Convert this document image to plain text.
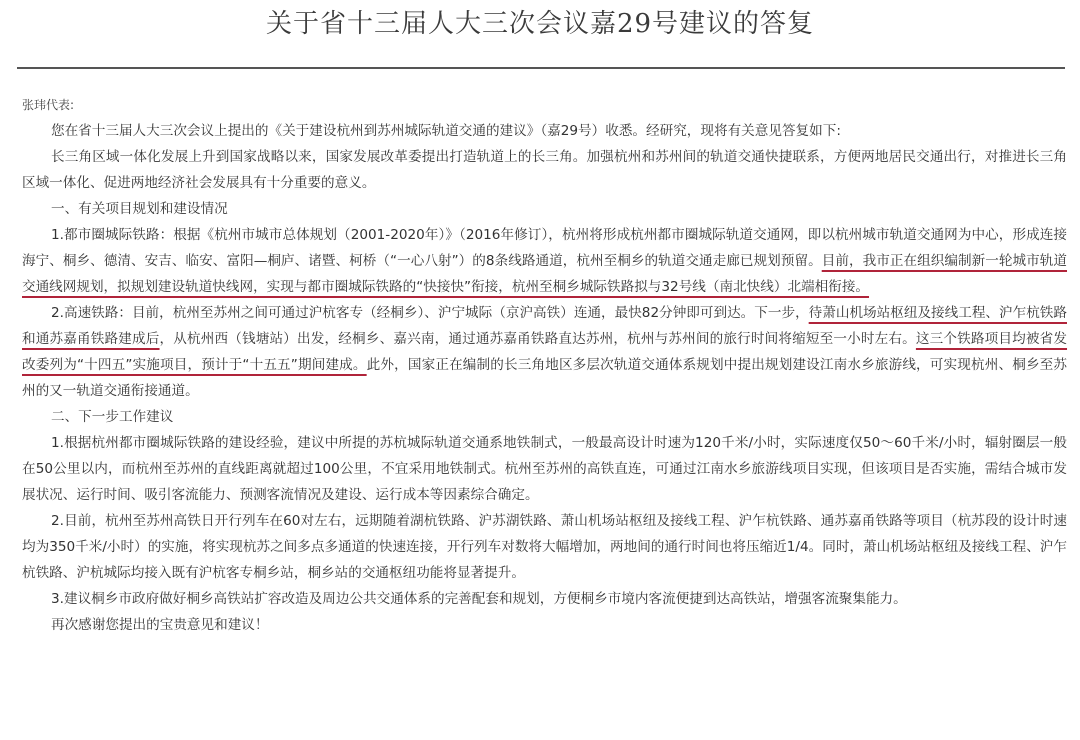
关于省十三届人大三次会议嘉29号建议的答复

张玮代表:

您在省十三届人大三次会议上提出的《关于建设杭州到苏州城际轨道交通的建议》（嘉29号）收悉。经研究，现将有关意见答复如下:

长三角区域一体化发展上升到国家战略以来，国家发展改革委提出打造轨道上的长三角。加强杭州和苏州间的轨道交通快捷联系，方便两地居民交通出行，对推进长三角区域一体化、促进两地经济社会发展具有十分重要的意义。

一、有关项目规划和建设情况

1.都市圈城际铁路：根据《杭州市城市总体规划（2001-2020年）》（2016年修订），杭州将形成杭州都市圈城际轨道交通网，即以杭州城市轨道交通网为中心，形成连接海宁、桐乡、德清、安吉、临安、富阳—桐庐、诸暨、柯桥（“一心八射”）的8条线路通道，杭州至桐乡的轨道交通走廊已规划预留。目前，我市正在组织编制新一轮城市轨道交通线网规划，拟规划建设轨道快线网，实现与都市圈城际铁路的“快接快”衔接，杭州至桐乡城际铁路拟与32号线（南北快线）北端相衔接。

2.高速铁路：目前，杭州至苏州之间可通过沪杭客专（经桐乡）、沪宁城际（京沪高铁）连通，最快82分钟即可到达。下一步，待萧山机场站枢纽及接线工程、沪乍杭铁路和通苏嘉甬铁路建成后，从杭州西（钱塘站）出发，经桐乡、嘉兴南，通过通苏嘉甬铁路直达苏州，杭州与苏州间的旅行时间将缩短至一小时左右。这三个铁路项目均被省发改委列为“十四五”实施项目，预计于“十五五”期间建成。此外，国家正在编制的长三角地区多层次轨道交通体系规划中提出规划建设江南水乡旅游线，可实现杭州、桐乡至苏州的又一轨道交通衔接通道。

二、下一步工作建议

1.根据杭州都市圈城际铁路的建设经验，建议中所提的苏杭城际轨道交通系地铁制式，一般最高设计时速为120千米/小时，实际速度仅50～60千米/小时，辐射圈层一般在50公里以内，而杭州至苏州的直线距离就超过100公里，不宜采用地铁制式。杭州至苏州的高铁直连，可通过江南水乡旅游线项目实现，但该项目是否实施，需结合城市发展状况、运行时间、吸引客流能力、预测客流情况及建设、运行成本等因素综合确定。

2.目前，杭州至苏州高铁日开行列车在60对左右，远期随着湖杭铁路、沪苏湖铁路、萧山机场站枢纽及接线工程、沪乍杭铁路、通苏嘉甬铁路等项目（杭苏段的设计时速均为350千米/小时）的实施，将实现杭苏之间多点多通道的快速连接，开行列车对数将大幅增加，两地间的通行时间也将压缩近1/4。同时，萧山机场站枢纽及接线工程、沪乍杭铁路、沪杭城际均接入既有沪杭客专桐乡站，桐乡站的交通枢纽功能将显著提升。

3.建议桐乡市政府做好桐乡高铁站扩容改造及周边公共交通体系的完善配套和规划，方便桐乡市境内客流便捷到达高铁站，增强客流聚集能力。

再次感谢您提出的宝贵意见和建议！
